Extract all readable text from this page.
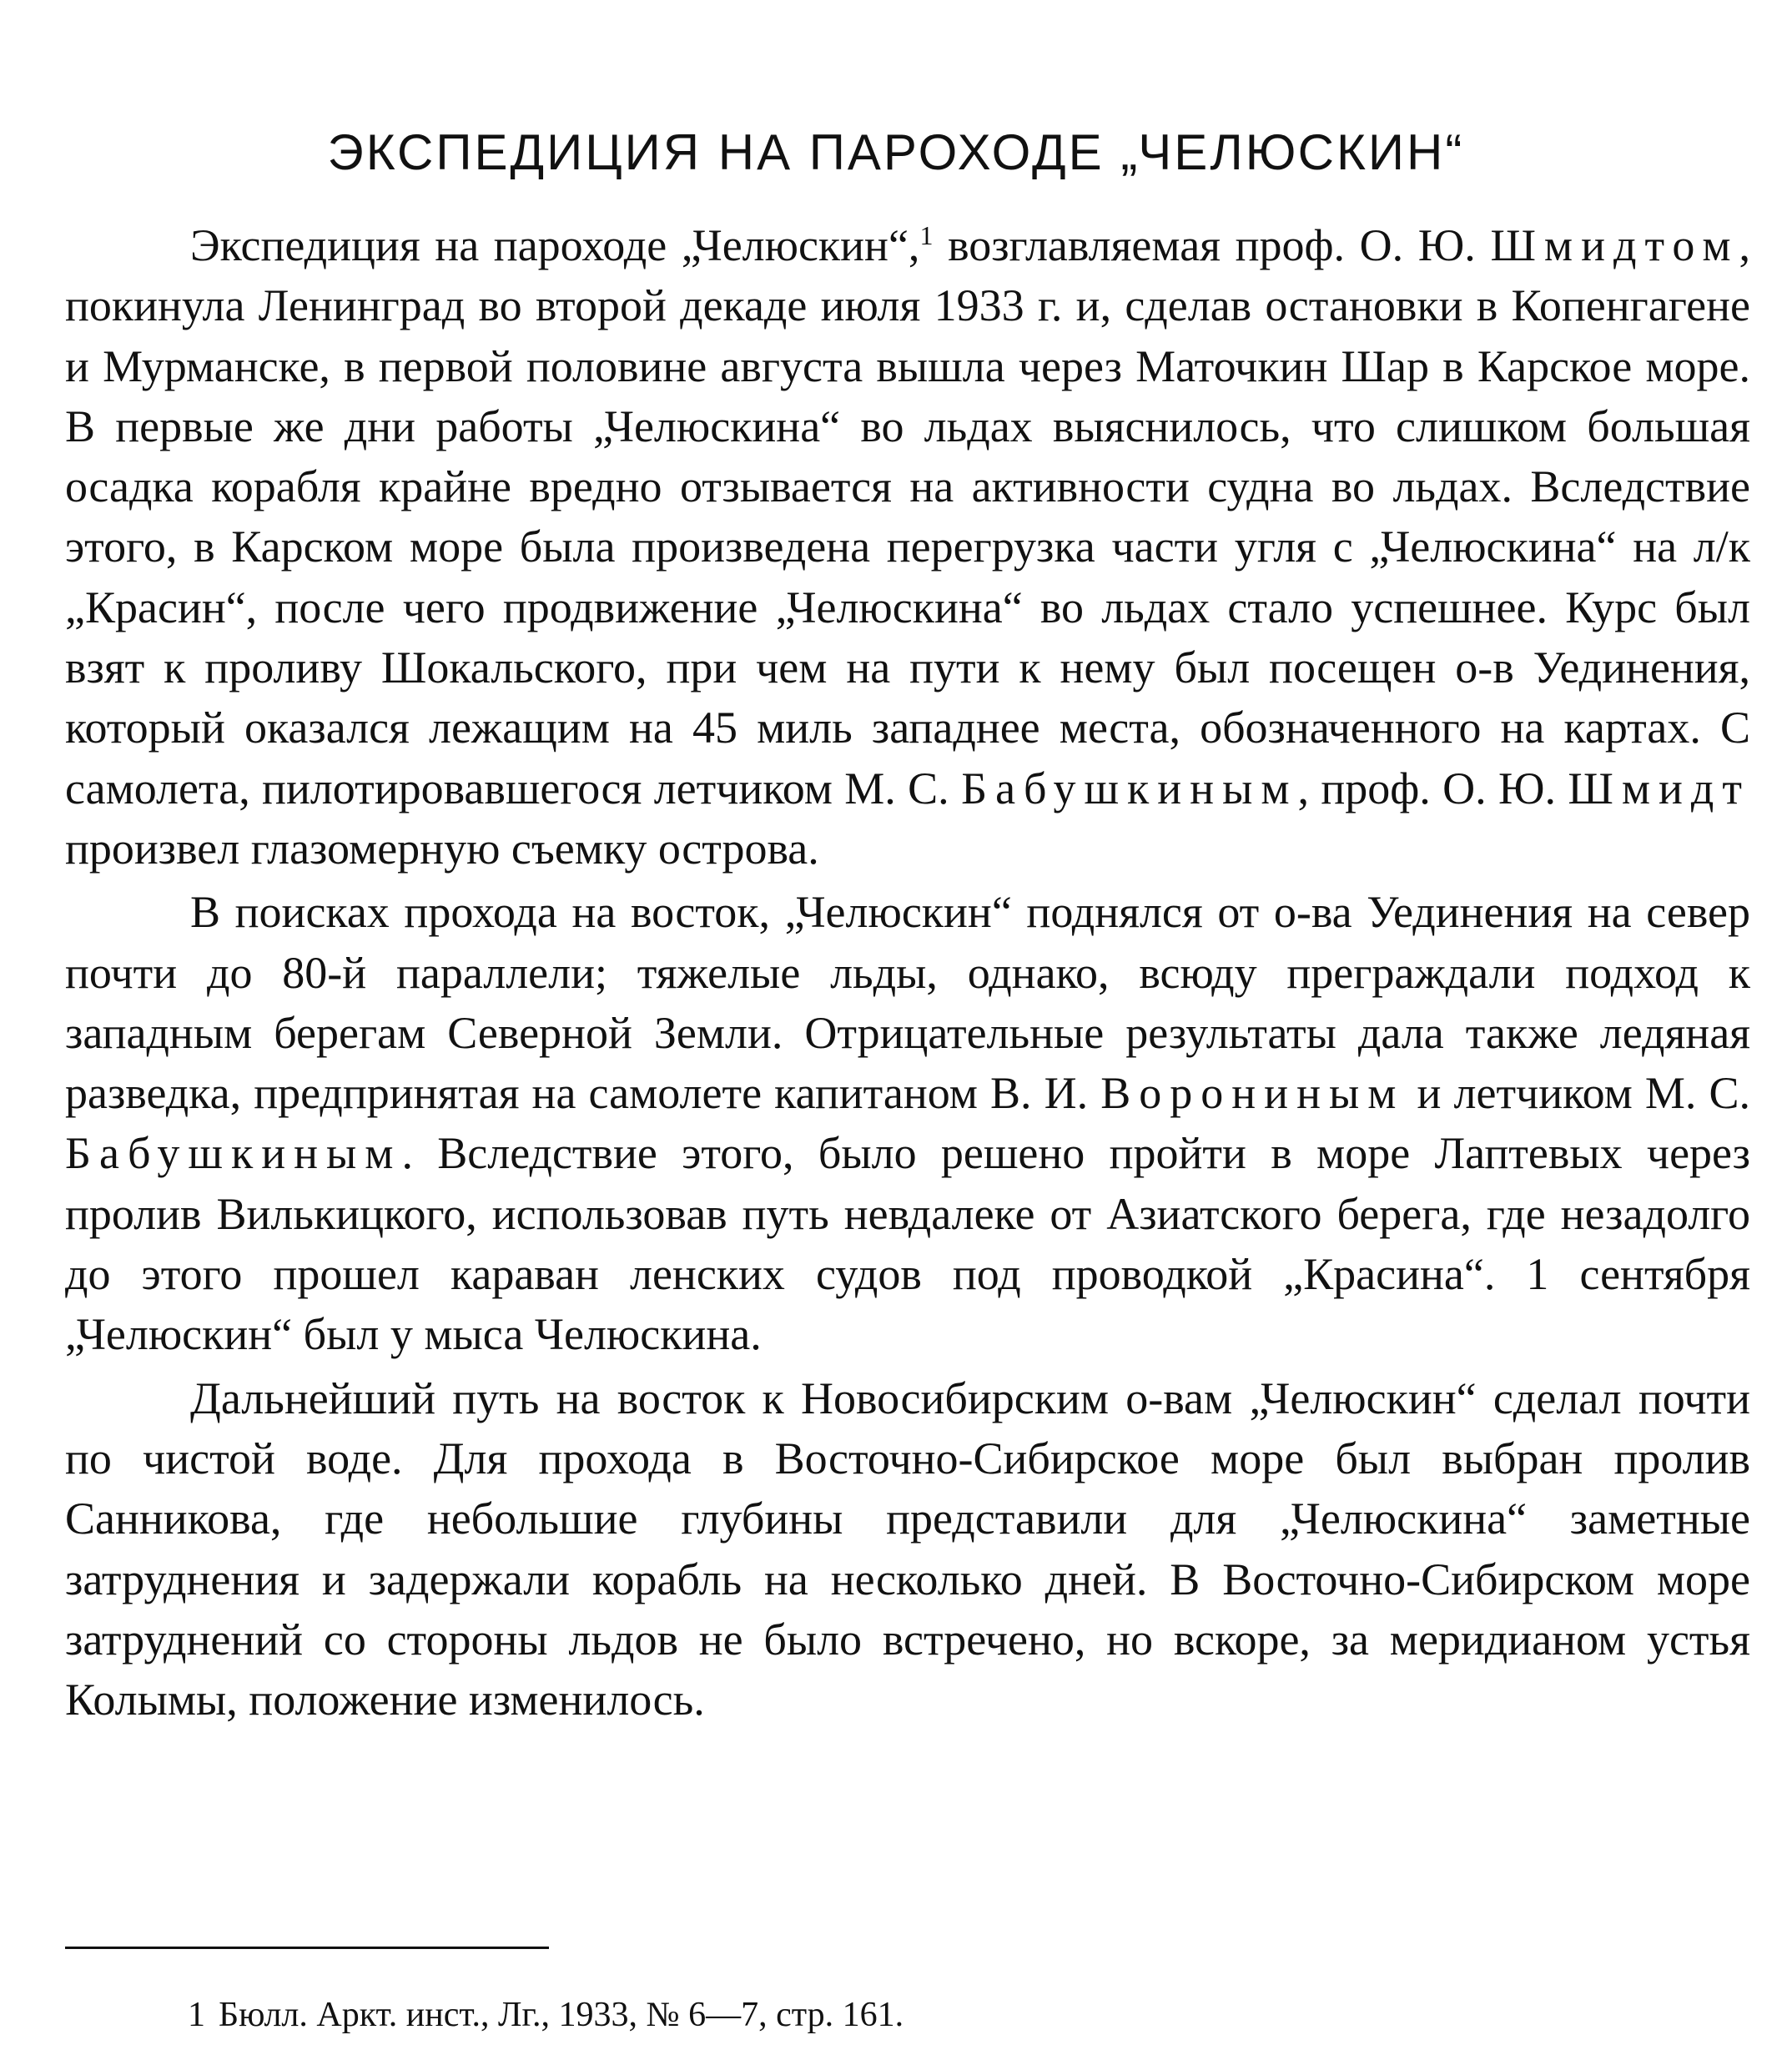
ЭКСПЕДИЦИЯ НА ПАРОХОДЕ „ЧЕЛЮСКИН“

Экспедиция на пароходе „Челюскин“,$^1$ возглавляемая проф. О. Ю. Шмидтом, покинула Ленинград во второй декаде июля 1933 г. и, сделав остановки в Копенгагене и Мурманске, в первой половине августа вышла через Маточкин Шар в Карское море. В первые же дни работы „Челюскина“ во льдах выяснилось, что слишком большая осадка корабля крайне вредно отзывается на активности судна во льдах. Вследствие этого, в Карском море была произведена перегрузка части угля с „Челюскина“ на л/к „Красин“, после чего продвижение „Челюскина“ во льдах стало успешнее. Курс был взят к проливу Шокальского, при чем на пути к нему был посещен о-в Уединения, который оказался лежащим на 45 миль западнее места, обозначенного на картах. С самолета, пилотировавшегося летчиком М. С. Бабушкиным, проф. О. Ю. Шмидт произвел глазомерную съемку острова.

В поисках прохода на восток, „Челюскин“ поднялся от о-ва Уединения на север почти до 80-й параллели; тяжелые льды, однако, всюду преграждали подход к западным берегам Северной Земли. Отрицательные результаты дала также ледяная разведка, предпринятая на самолете капитаном В. И. Ворониным и летчиком М. С. Бабушкиным. Вследствие этого, было решено пройти в море Лаптевых через пролив Вилькицкого, использовав путь невдалеке от Азиатского берега, где незадолго до этого прошел караван ленских судов под проводкой „Красина“. 1 сентября „Челюскин“ был у мыса Челюскина.

Дальнейший путь на восток к Новосибирским о-вам „Челюскин“ сделал почти по чистой воде. Для прохода в Восточно-Сибирское море был выбран пролив Санникова, где небольшие глубины представили для „Челюскина“ заметные затруднения и задержали корабль на несколько дней. В Восточно-Сибирском море затруднений со стороны льдов не было встречено, но вскоре, за меридианом устья Колымы, положение изменилось.

1 Бюлл. Аркт. инст., Лг., 1933, № 6—7, стр. 161.
